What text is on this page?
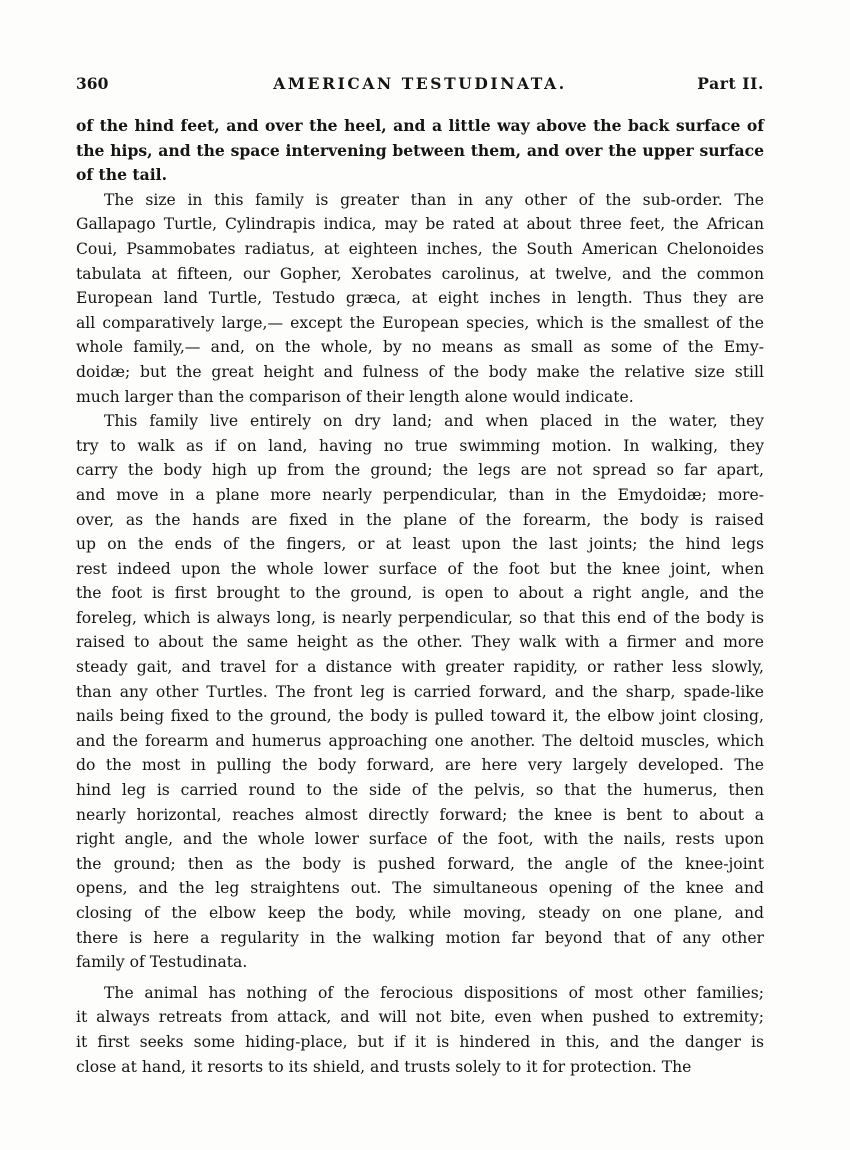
360	AMERICAN TESTUDINATA.	Part II.
of the hind feet, and over the heel, and a little way above the back surface of
the hips, and the space intervening between them, and over the upper surface
of the tail.
The size in this family is greater than in any other of the sub-order. The
Gallapago Turtle, Cylindrapis indica, may be rated at about three feet, the African
Coui, Psammobates radiatus, at eighteen inches, the South American Chelonoides
tabulata at fifteen, our Gopher, Xerobates carolinus, at twelve, and the common
European land Turtle, Testudo græca, at eight inches in length. Thus they are
all comparatively large,— except the European species, which is the smallest of the
whole family,— and, on the whole, by no means as small as some of the Emy-
doidæ; but the great height and fulness of the body make the relative size still
much larger than the comparison of their length alone would indicate.
This family live entirely on dry land; and when placed in the water, they
try to walk as if on land, having no true swimming motion. In walking, they
carry the body high up from the ground; the legs are not spread so far apart,
and move in a plane more nearly perpendicular, than in the Emydoidæ; more-
over, as the hands are fixed in the plane of the forearm, the body is raised
up on the ends of the fingers, or at least upon the last joints; the hind legs
rest indeed upon the whole lower surface of the foot but the knee joint, when
the foot is first brought to the ground, is open to about a right angle, and the
foreleg, which is always long, is nearly perpendicular, so that this end of the body is
raised to about the same height as the other. They walk with a firmer and more
steady gait, and travel for a distance with greater rapidity, or rather less slowly,
than any other Turtles. The front leg is carried forward, and the sharp, spade-like
nails being fixed to the ground, the body is pulled toward it, the elbow joint closing,
and the forearm and humerus approaching one another. The deltoid muscles, which
do the most in pulling the body forward, are here very largely developed. The
hind leg is carried round to the side of the pelvis, so that the humerus, then
nearly horizontal, reaches almost directly forward; the knee is bent to about a
right angle, and the whole lower surface of the foot, with the nails, rests upon
the ground; then as the body is pushed forward, the angle of the knee-joint
opens, and the leg straightens out. The simultaneous opening of the knee and
closing of the elbow keep the body, while moving, steady on one plane, and
there is here a regularity in the walking motion far beyond that of any other
family of Testudinata.
The animal has nothing of the ferocious dispositions of most other families;
it always retreats from attack, and will not bite, even when pushed to extremity;
it first seeks some hiding-place, but if it is hindered in this, and the danger is
close at hand, it resorts to its shield, and trusts solely to it for protection. The
